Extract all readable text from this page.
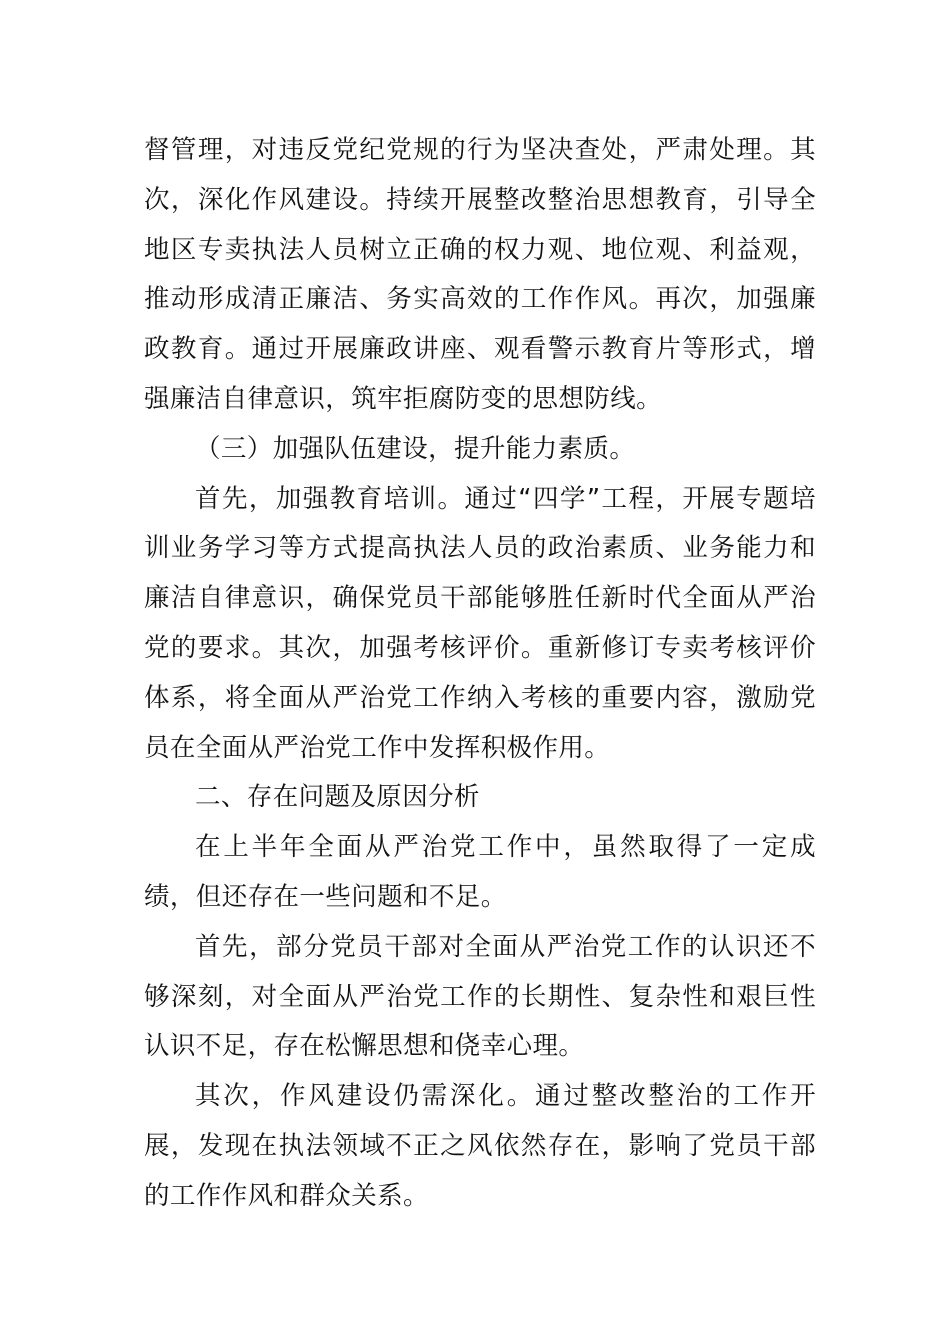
督管理，对违反党纪党规的行为坚决查处，严肃处理。其次，深化作风建设。持续开展整改整治思想教育，引导全地区专卖执法人员树立正确的权力观、地位观、利益观，推动形成清正廉洁、务实高效的工作作风。再次，加强廉政教育。通过开展廉政讲座、观看警示教育片等形式，增强廉洁自律意识，筑牢拒腐防变的思想防线。

（三）加强队伍建设，提升能力素质。

首先，加强教育培训。通过“四学”工程，开展专题培训业务学习等方式提高执法人员的政治素质、业务能力和廉洁自律意识，确保党员干部能够胜任新时代全面从严治党的要求。其次，加强考核评价。重新修订专卖考核评价体系，将全面从严治党工作纳入考核的重要内容，激励党员在全面从严治党工作中发挥积极作用。

二、存在问题及原因分析

在上半年全面从严治党工作中，虽然取得了一定成绩，但还存在一些问题和不足。

首先，部分党员干部对全面从严治党工作的认识还不够深刻，对全面从严治党工作的长期性、复杂性和艰巨性认识不足，存在松懈思想和侥幸心理。

其次，作风建设仍需深化。通过整改整治的工作开展，发现在执法领域不正之风依然存在，影响了党员干部的工作作风和群众关系。
